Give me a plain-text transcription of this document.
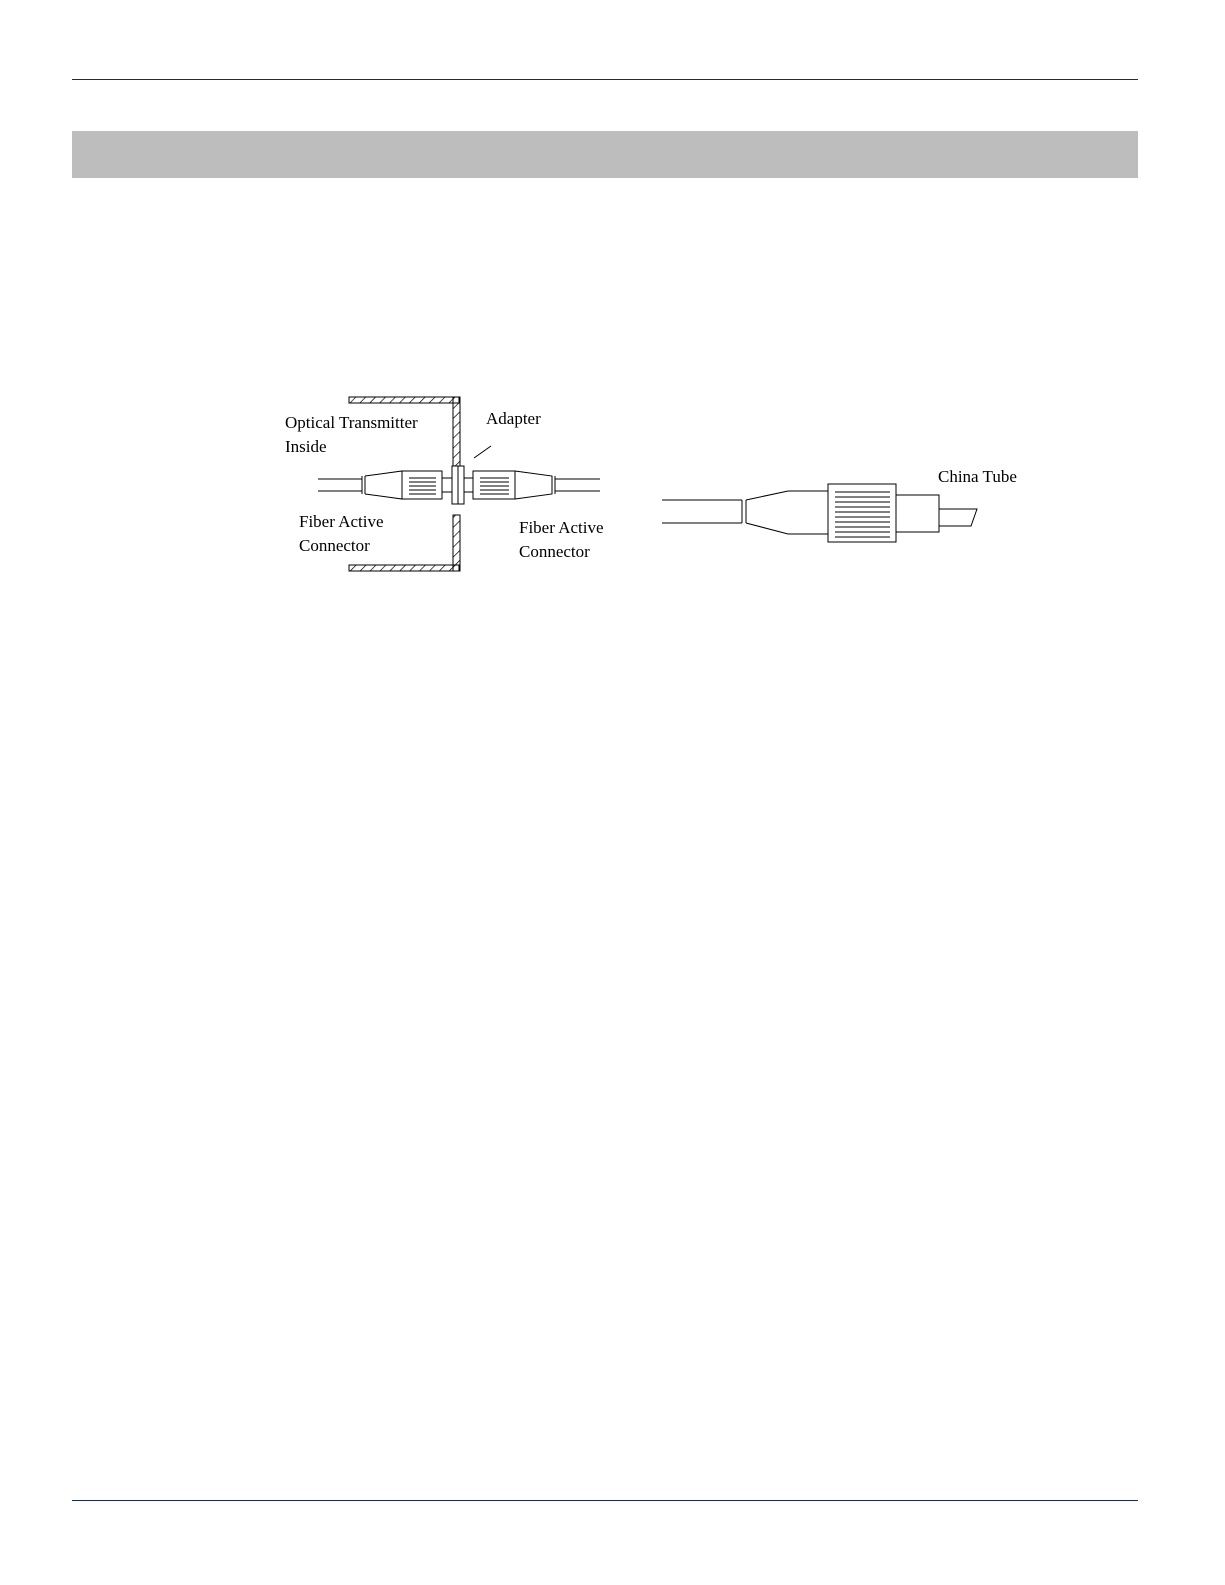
Optical Transmitter
Inside
Adapter
Fiber Active
Connector
Fiber Active
Connector
China Tube
